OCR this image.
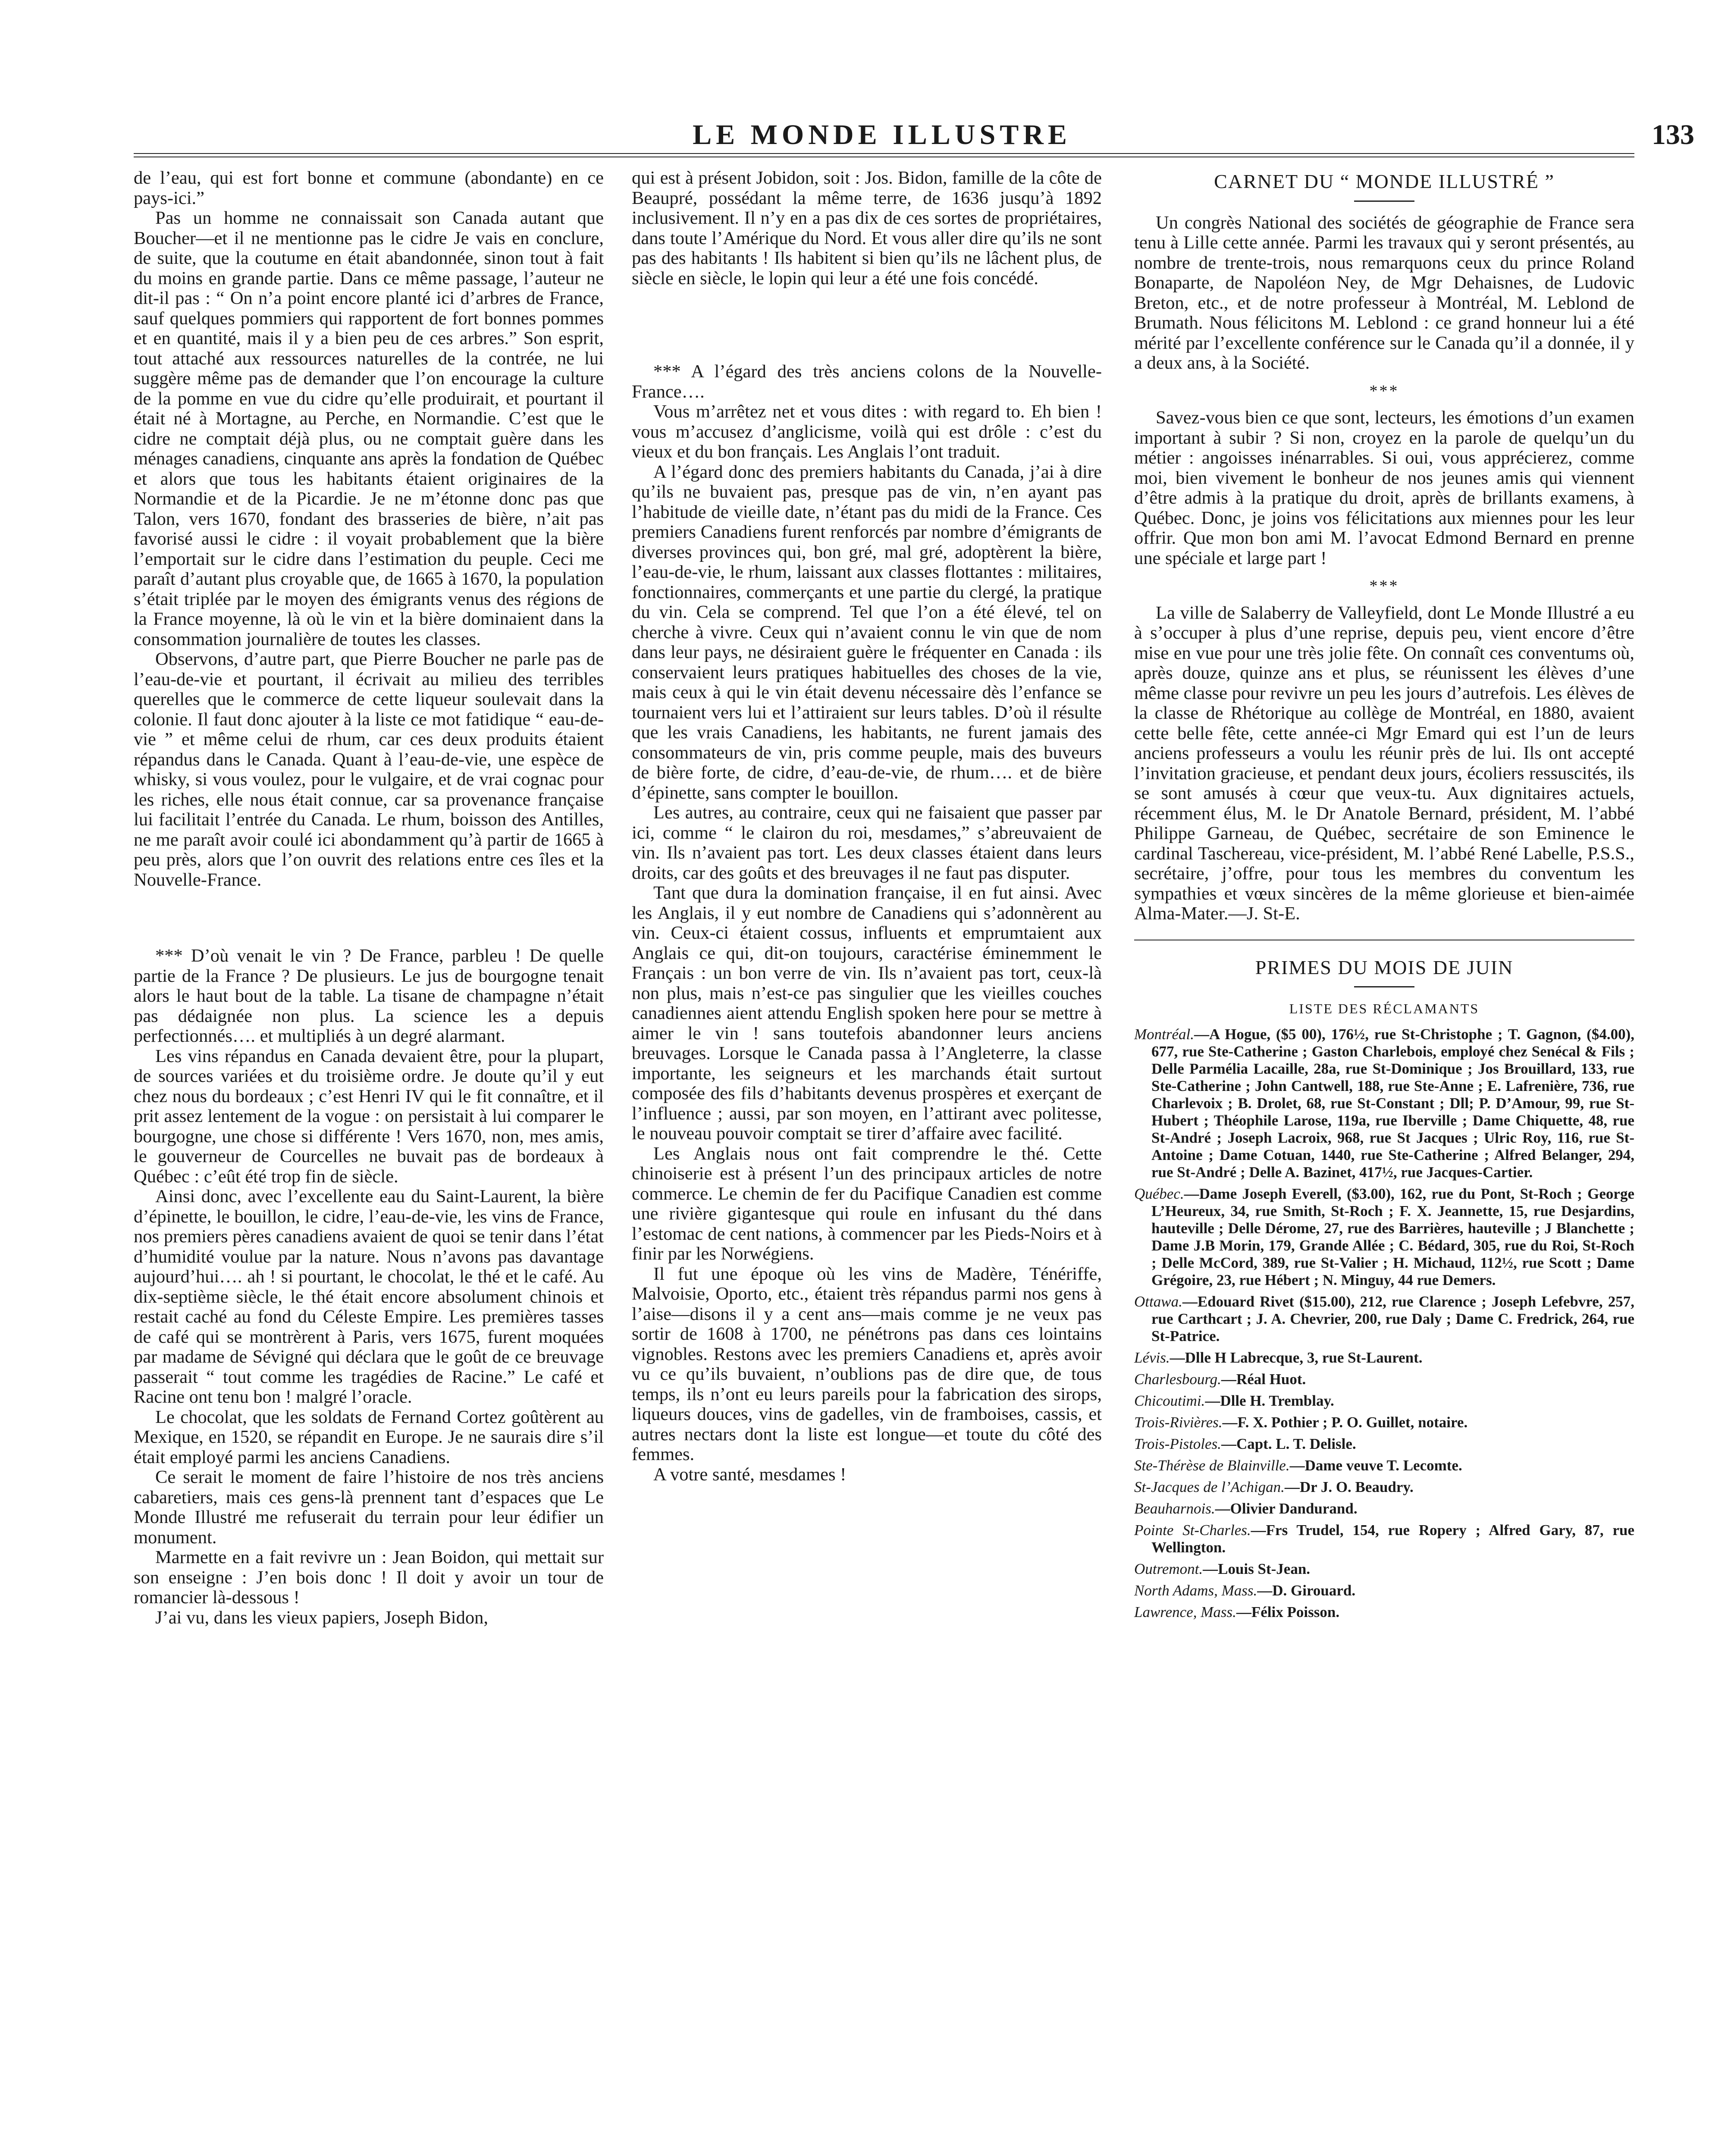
LE MONDE ILLUSTRE	133

de l’eau, qui est fort bonne et commune (abondante) en ce pays-ici.”

Pas un homme ne connaissait son Canada autant que Boucher—et il ne mentionne pas le cidre Je vais en conclure, de suite, que la coutume en était abandonnée, sinon tout à fait du moins en grande partie. Dans ce même passage, l’auteur ne dit-il pas : “ On n’a point encore planté ici d’arbres de France, sauf quelques pommiers qui rapportent de fort bonnes pommes et en quantité, mais il y a bien peu de ces arbres.” Son esprit, tout attaché aux ressources naturelles de la contrée, ne lui suggère même pas de demander que l’on encourage la culture de la pomme en vue du cidre qu’elle produirait, et pourtant il était né à Mortagne, au Perche, en Normandie. C’est que le cidre ne comptait déjà plus, ou ne comptait guère dans les ménages canadiens, cinquante ans après la fondation de Québec et alors que tous les habitants étaient originaires de la Normandie et de la Picardie. Je ne m’étonne donc pas que Talon, vers 1670, fondant des brasseries de bière, n’ait pas favorisé aussi le cidre : il voyait probablement que la bière l’emportait sur le cidre dans l’estimation du peuple. Ceci me paraît d’autant plus croyable que, de 1665 à 1670, la population s’était triplée par le moyen des émigrants venus des régions de la France moyenne, là où le vin et la bière dominaient dans la consommation journalière de toutes les classes.

Observons, d’autre part, que Pierre Boucher ne parle pas de l’eau-de-vie et pourtant, il écrivait au milieu des terribles querelles que le commerce de cette liqueur soulevait dans la colonie. Il faut donc ajouter à la liste ce mot fatidique “ eau-de-vie ” et même celui de rhum, car ces deux produits étaient répandus dans le Canada. Quant à l’eau-de-vie, une espèce de whisky, si vous voulez, pour le vulgaire, et de vrai cognac pour les riches, elle nous était connue, car sa provenance française lui facilitait l’entrée du Canada. Le rhum, boisson des Antilles, ne me paraît avoir coulé ici abondamment qu’à partir de 1665 à peu près, alors que l’on ouvrit des relations entre ces îles et la Nouvelle-France.

*** D’où venait le vin ? De France, parbleu ! De quelle partie de la France ? De plusieurs. Le jus de bourgogne tenait alors le haut bout de la table. La tisane de champagne n’était pas dédaignée non plus. La science les a depuis perfectionnés…. et multipliés à un degré alarmant.

Les vins répandus en Canada devaient être, pour la plupart, de sources variées et du troisième ordre. Je doute qu’il y eut chez nous du bordeaux ; c’est Henri IV qui le fit connaître, et il prit assez lentement de la vogue : on persistait à lui comparer le bourgogne, une chose si différente ! Vers 1670, non, mes amis, le gouverneur de Courcelles ne buvait pas de bordeaux à Québec : c’eût été trop fin de siècle.

Ainsi donc, avec l’excellente eau du Saint-Laurent, la bière d’épinette, le bouillon, le cidre, l’eau-de-vie, les vins de France, nos premiers pères canadiens avaient de quoi se tenir dans l’état d’humidité voulue par la nature. Nous n’avons pas davantage aujourd’hui…. ah ! si pourtant, le chocolat, le thé et le café. Au dix-septième siècle, le thé était encore absolument chinois et restait caché au fond du Céleste Empire. Les premières tasses de café qui se montrèrent à Paris, vers 1675, furent moquées par madame de Sévigné qui déclara que le goût de ce breuvage passerait “ tout comme les tragédies de Racine.” Le café et Racine ont tenu bon ! malgré l’oracle.

Le chocolat, que les soldats de Fernand Cortez goûtèrent au Mexique, en 1520, se répandit en Europe. Je ne saurais dire s’il était employé parmi les anciens Canadiens.

Ce serait le moment de faire l’histoire de nos très anciens cabaretiers, mais ces gens-là prennent tant d’espaces que Le Monde Illustré me refuserait du terrain pour leur édifier un monument.

Marmette en a fait revivre un : Jean Boidon, qui mettait sur son enseigne : J’en bois donc ! Il doit y avoir un tour de romancier là-dessous !

J’ai vu, dans les vieux papiers, Joseph Bidon,

qui est à présent Jobidon, soit : Jos. Bidon, famille de la côte de Beaupré, possédant la même terre, de 1636 jusqu’à 1892 inclusivement. Il n’y en a pas dix de ces sortes de propriétaires, dans toute l’Amérique du Nord. Et vous aller dire qu’ils ne sont pas des habitants ! Ils habitent si bien qu’ils ne lâchent plus, de siècle en siècle, le lopin qui leur a été une fois concédé.

*** A l’égard des très anciens colons de la Nouvelle-France….

Vous m’arrêtez net et vous dites : with regard to. Eh bien ! vous m’accusez d’anglicisme, voilà qui est drôle : c’est du vieux et du bon français. Les Anglais l’ont traduit.

A l’égard donc des premiers habitants du Canada, j’ai à dire qu’ils ne buvaient pas, presque pas de vin, n’en ayant pas l’habitude de vieille date, n’étant pas du midi de la France. Ces premiers Canadiens furent renforcés par nombre d’émigrants de diverses provinces qui, bon gré, mal gré, adoptèrent la bière, l’eau-de-vie, le rhum, laissant aux classes flottantes : militaires, fonctionnaires, commerçants et une partie du clergé, la pratique du vin. Cela se comprend. Tel que l’on a été élevé, tel on cherche à vivre. Ceux qui n’avaient connu le vin que de nom dans leur pays, ne désiraient guère le fréquenter en Canada : ils conservaient leurs pratiques habituelles des choses de la vie, mais ceux à qui le vin était devenu nécessaire dès l’enfance se tournaient vers lui et l’attiraient sur leurs tables. D’où il résulte que les vrais Canadiens, les habitants, ne furent jamais des consommateurs de vin, pris comme peuple, mais des buveurs de bière forte, de cidre, d’eau-de-vie, de rhum…. et de bière d’épinette, sans compter le bouillon.

Les autres, au contraire, ceux qui ne faisaient que passer par ici, comme “ le clairon du roi, mesdames,” s’abreuvaient de vin. Ils n’avaient pas tort. Les deux classes étaient dans leurs droits, car des goûts et des breuvages il ne faut pas disputer.

Tant que dura la domination française, il en fut ainsi. Avec les Anglais, il y eut nombre de Canadiens qui s’adonnèrent au vin. Ceux-ci étaient cossus, influents et emprumtaient aux Anglais ce qui, dit-on toujours, caractérise éminemment le Français : un bon verre de vin. Ils n’avaient pas tort, ceux-là non plus, mais n’est-ce pas singulier que les vieilles couches canadiennes aient attendu English spoken here pour se mettre à aimer le vin ! sans toutefois abandonner leurs anciens breuvages. Lorsque le Canada passa à l’Angleterre, la classe importante, les seigneurs et les marchands était surtout composée des fils d’habitants devenus prospères et exerçant de l’influence ; aussi, par son moyen, en l’attirant avec politesse, le nouveau pouvoir comptait se tirer d’affaire avec facilité.

Les Anglais nous ont fait comprendre le thé. Cette chinoiserie est à présent l’un des principaux articles de notre commerce. Le chemin de fer du Pacifique Canadien est comme une rivière gigantesque qui roule en infusant du thé dans l’estomac de cent nations, à commencer par les Pieds-Noirs et à finir par les Norwégiens.

Il fut une époque où les vins de Madère, Ténériffe, Malvoisie, Oporto, etc., étaient très répandus parmi nos gens à l’aise—disons il y a cent ans—mais comme je ne veux pas sortir de 1608 à 1700, ne pénétrons pas dans ces lointains vignobles. Restons avec les premiers Canadiens et, après avoir vu ce qu’ils buvaient, n’oublions pas de dire que, de tous temps, ils n’ont eu leurs pareils pour la fabrication des sirops, liqueurs douces, vins de gadelles, vin de framboises, cassis, et autres nectars dont la liste est longue—et toute du côté des femmes.

A votre santé, mesdames !

CARNET DU “ MONDE ILLUSTRÉ ”

Un congrès National des sociétés de géographie de France sera tenu à Lille cette année. Parmi les travaux qui y seront présentés, au nombre de trente-trois, nous remarquons ceux du prince Roland Bonaparte, de Napoléon Ney, de Mgr Dehaisnes, de Ludovic Breton, etc., et de notre professeur à Montréal, M. Leblond de Brumath. Nous félicitons M. Leblond : ce grand honneur lui a été mérité par l’excellente conférence sur le Canada qu’il a donnée, il y a deux ans, à la Société.

***

Savez-vous bien ce que sont, lecteurs, les émotions d’un examen important à subir ? Si non, croyez en la parole de quelqu’un du métier : angoisses inénarrables. Si oui, vous apprécierez, comme moi, bien vivement le bonheur de nos jeunes amis qui viennent d’être admis à la pratique du droit, après de brillants examens, à Québec. Donc, je joins vos félicitations aux miennes pour les leur offrir. Que mon bon ami M. l’avocat Edmond Bernard en prenne une spéciale et large part !

***

La ville de Salaberry de Valleyfield, dont Le Monde Illustré a eu à s’occuper à plus d’une reprise, depuis peu, vient encore d’être mise en vue pour une très jolie fête. On connaît ces conventums où, après douze, quinze ans et plus, se réunissent les élèves d’une même classe pour revivre un peu les jours d’autrefois. Les élèves de la classe de Rhétorique au collège de Montréal, en 1880, avaient cette belle fête, cette année-ci Mgr Emard qui est l’un de leurs anciens professeurs a voulu les réunir près de lui. Ils ont accepté l’invitation gracieuse, et pendant deux jours, écoliers ressuscités, ils se sont amusés à cœur que veux-tu. Aux dignitaires actuels, récemment élus, M. le Dr Anatole Bernard, président, M. l’abbé Philippe Garneau, de Québec, secrétaire de son Eminence le cardinal Taschereau, vice-président, M. l’abbé René Labelle, P.S.S., secrétaire, j’offre, pour tous les membres du conventum les sympathies et vœux sincères de la même glorieuse et bien-aimée Alma-Mater.—J. St-E.

PRIMES DU MOIS DE JUIN
LISTE DES RÉCLAMANTS

Montréal.—A Hogue, ($5 00), 176½, rue St-Christophe ; T. Gagnon, ($4.00), 677, rue Ste-Catherine ; Gaston Charlebois, employé chez Senécal & Fils ; Delle Parmélia Lacaille, 28a, rue St-Dominique ; Jos Brouillard, 133, rue Ste-Catherine ; John Cantwell, 188, rue Ste-Anne ; E. Lafrenière, 736, rue Charlevoix ; B. Drolet, 68, rue St-Constant ; Dll; P. D’Amour, 99, rue St-Hubert ; Théophile Larose, 119a, rue Iberville ; Dame Chiquette, 48, rue St-André ; Joseph Lacroix, 968, rue St Jacques ; Ulric Roy, 116, rue St-Antoine ; Dame Cotuan, 1440, rue Ste-Catherine ; Alfred Belanger, 294, rue St-André ; Delle A. Bazinet, 417½, rue Jacques-Cartier.

Québec.—Dame Joseph Everell, ($3.00), 162, rue du Pont, St-Roch ; George L’Heureux, 34, rue Smith, St-Roch ; F. X. Jeannette, 15, rue Desjardins, hauteville ; Delle Dérome, 27, rue des Barrières, hauteville ; J Blanchette ; Dame J.B Morin, 179, Grande Allée ; C. Bédard, 305, rue du Roi, St-Roch ; Delle McCord, 389, rue St-Valier ; H. Michaud, 112½, rue Scott ; Dame Grégoire, 23, rue Hébert ; N. Minguy, 44 rue Demers.

Ottawa.—Edouard Rivet ($15.00), 212, rue Clarence ; Joseph Lefebvre, 257, rue Carthcart ; J. A. Chevrier, 200, rue Daly ; Dame C. Fredrick, 264, rue St-Patrice.

Lévis.—Dlle H Labrecque, 3, rue St-Laurent.

Charlesbourg.—Réal Huot.

Chicoutimi.—Dlle H. Tremblay.

Trois-Rivières.—F. X. Pothier ; P. O. Guillet, notaire.

Trois-Pistoles.—Capt. L. T. Delisle.

Ste-Thérèse de Blainville.—Dame veuve T. Lecomte.

St-Jacques de l’Achigan.—Dr J. O. Beaudry.

Beauharnois.—Olivier Dandurand.

Pointe St-Charles.—Frs Trudel, 154, rue Ropery ; Alfred Gary, 87, rue Wellington.

Outremont.—Louis St-Jean.

North Adams, Mass.—D. Girouard.

Lawrence, Mass.—Félix Poisson.
